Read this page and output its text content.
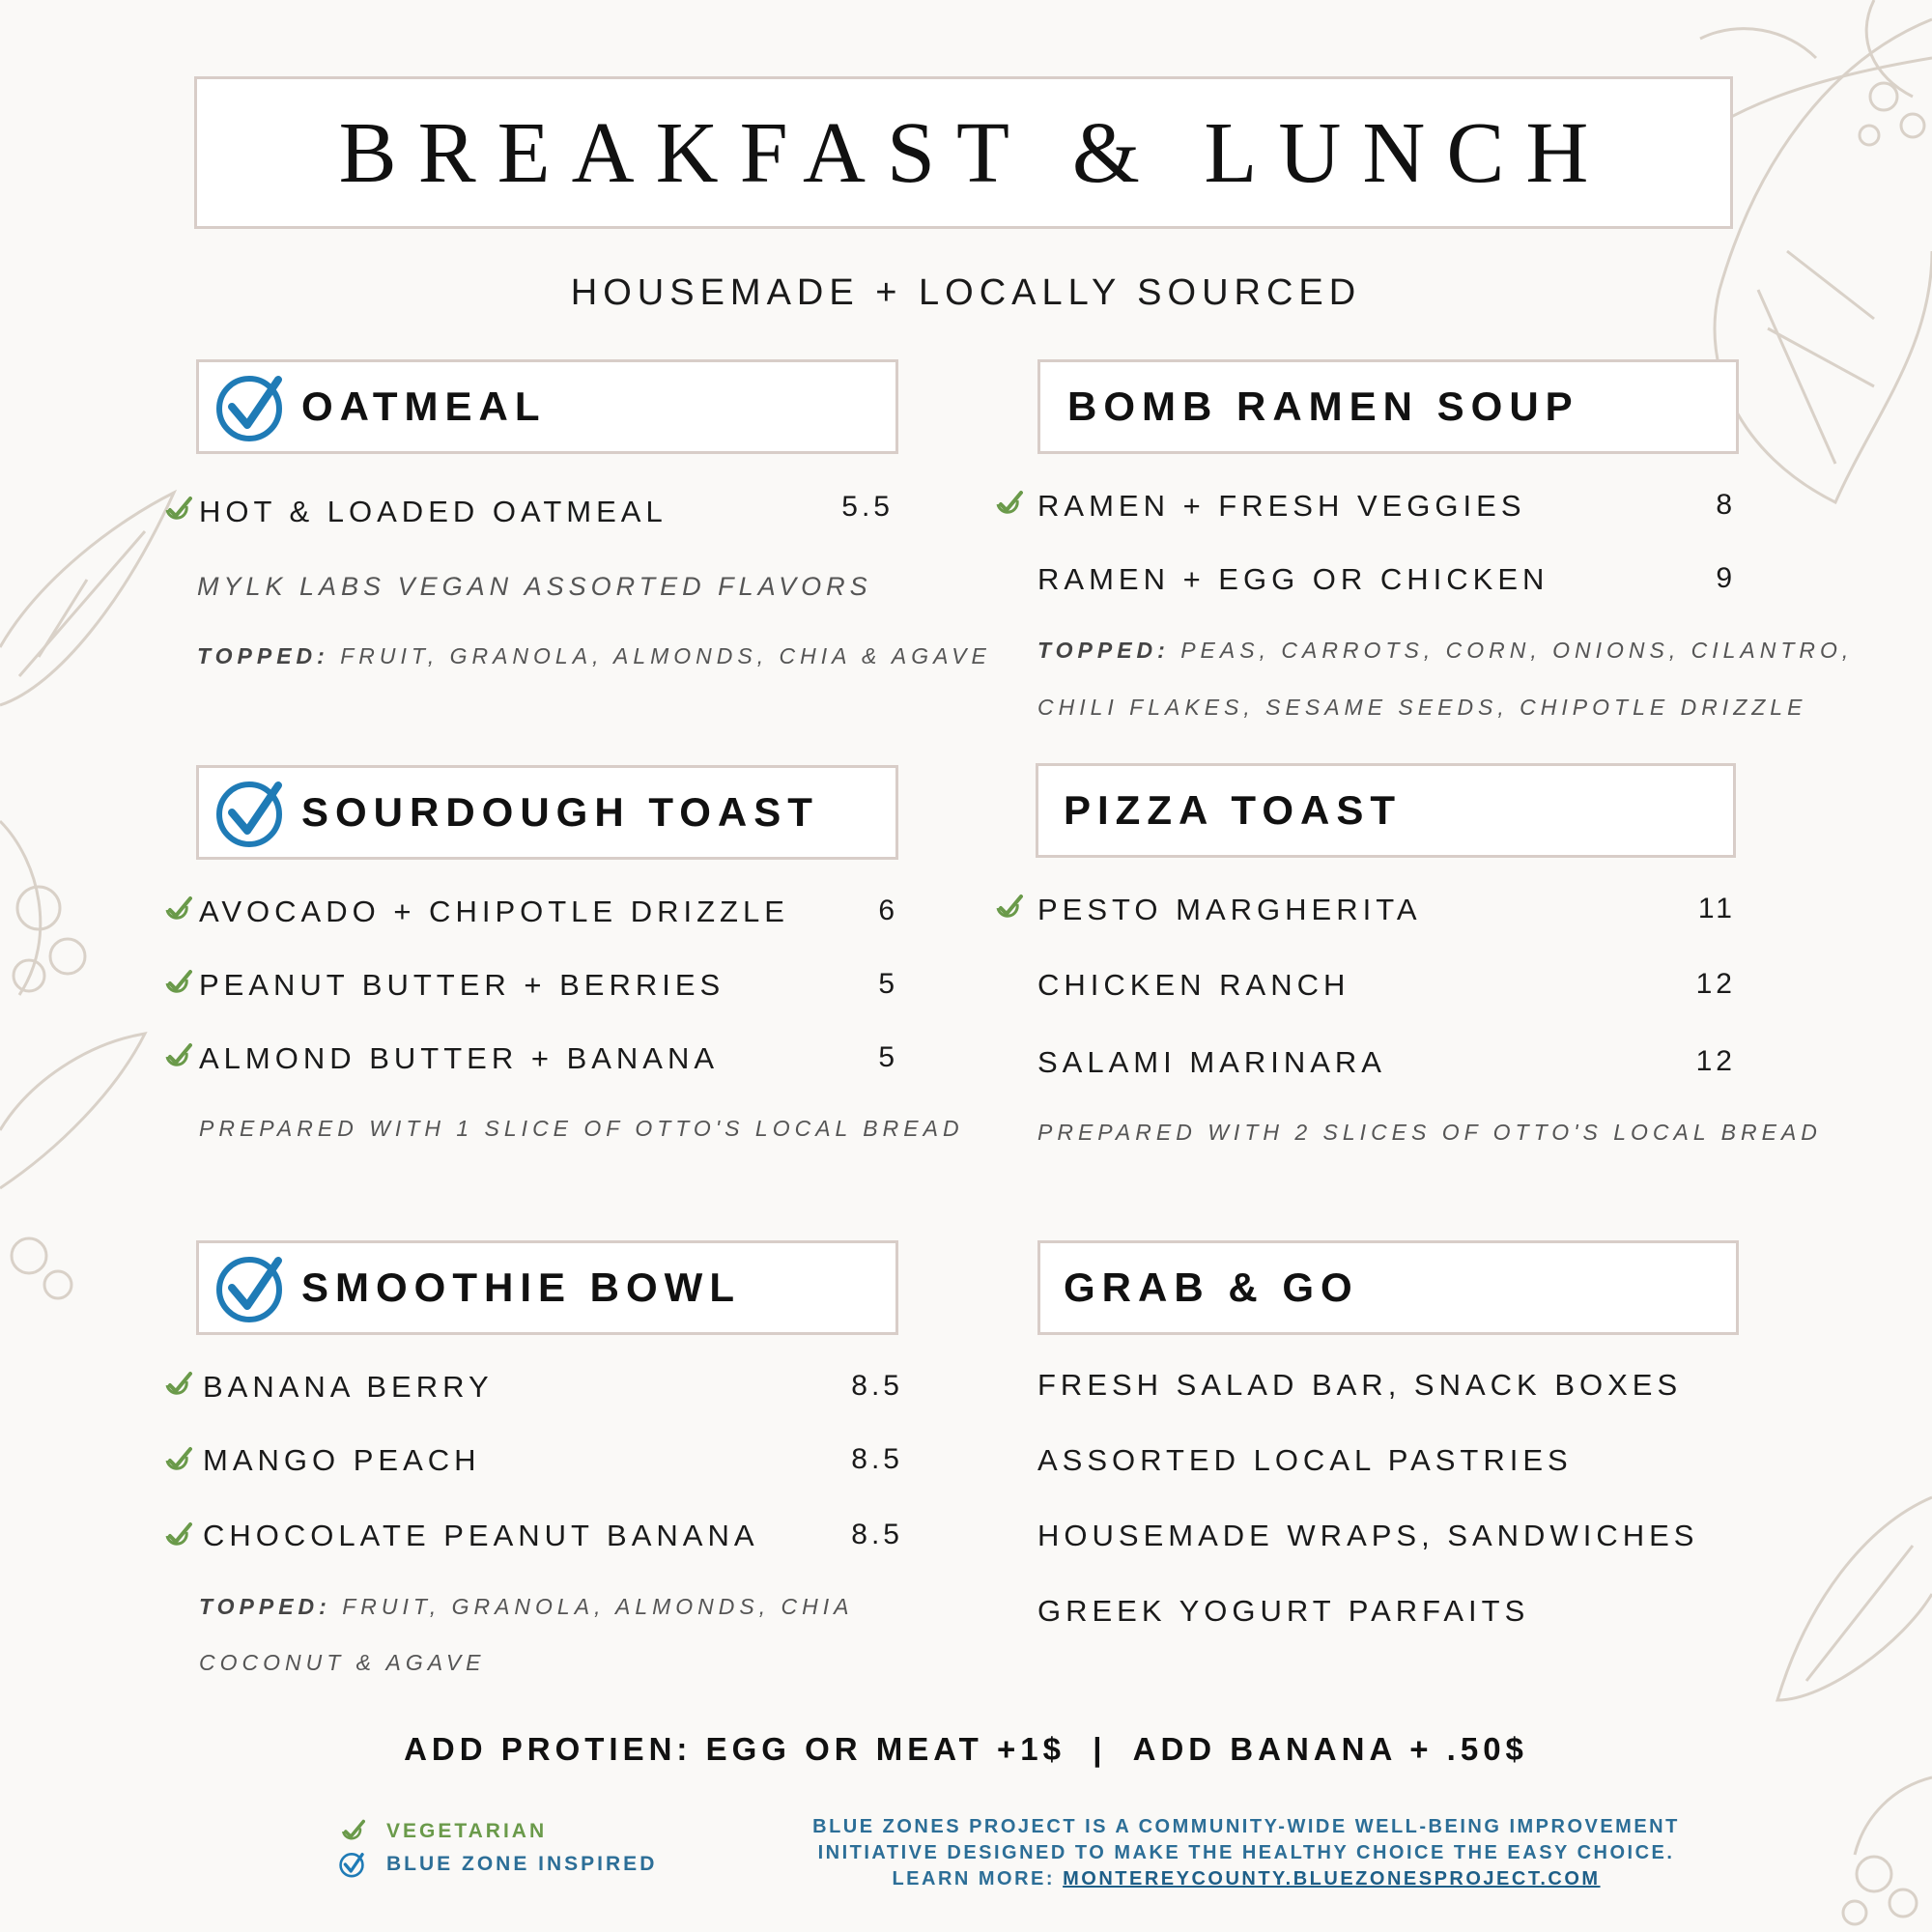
BREAKFAST & LUNCH
HOUSEMADE + LOCALLY SOURCED
OATMEAL
HOT & LOADED OATMEAL	5.5
MYLK LABS VEGAN ASSORTED FLAVORS
TOPPED: FRUIT, GRANOLA, ALMONDS, CHIA & AGAVE
BOMB RAMEN SOUP
RAMEN + FRESH VEGGIES	8
RAMEN + EGG OR CHICKEN	9
TOPPED: PEAS, CARROTS, CORN, ONIONS, CILANTRO,
CHILI FLAKES, SESAME SEEDS, CHIPOTLE DRIZZLE
SOURDOUGH TOAST
AVOCADO + CHIPOTLE DRIZZLE	6
PEANUT BUTTER + BERRIES	5
ALMOND BUTTER + BANANA	5
PREPARED WITH 1 SLICE OF OTTO'S LOCAL BREAD
PIZZA TOAST
PESTO MARGHERITA	11
CHICKEN RANCH	12
SALAMI MARINARA	12
PREPARED WITH 2 SLICES OF OTTO'S LOCAL BREAD
SMOOTHIE BOWL
BANANA BERRY	8.5
MANGO PEACH	8.5
CHOCOLATE PEANUT BANANA	8.5
TOPPED: FRUIT, GRANOLA, ALMONDS, CHIA
COCONUT & AGAVE
GRAB & GO
FRESH SALAD BAR, SNACK BOXES
ASSORTED LOCAL PASTRIES
HOUSEMADE WRAPS, SANDWICHES
GREEK YOGURT PARFAITS
ADD PROTIEN: EGG OR MEAT +1$  |  ADD BANANA + .50$
VEGETARIAN
BLUE ZONE INSPIRED
BLUE ZONES PROJECT IS A COMMUNITY-WIDE WELL-BEING IMPROVEMENT
INITIATIVE DESIGNED TO MAKE THE HEALTHY CHOICE THE EASY CHOICE.
LEARN MORE: MONTEREYCOUNTY.BLUEZONESPROJECT.COM
